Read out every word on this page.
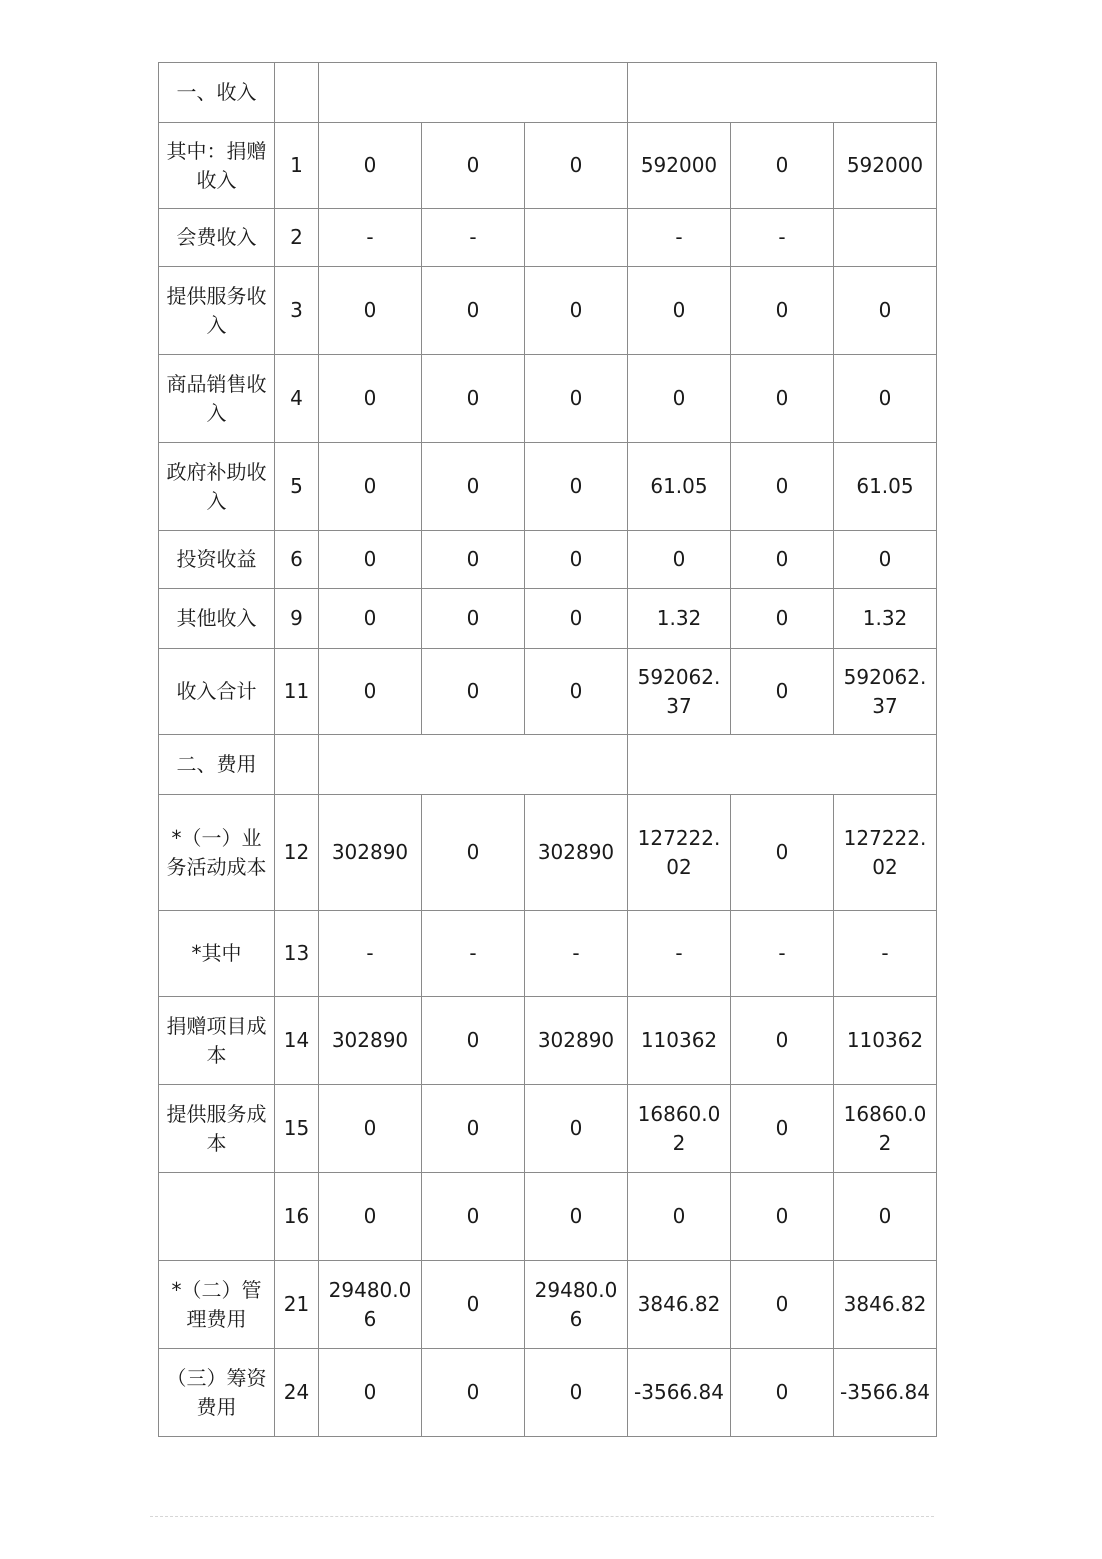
一、收入							
其中：捐赠收入	1	0	0	0	592000	0	592000
会费收入	2	-	-		-	-	
提供服务收入	3	0	0	0	0	0	0
商品销售收入	4	0	0	0	0	0	0
政府补助收入	5	0	0	0	61.05	0	61.05
投资收益	6	0	0	0	0	0	0
其他收入	9	0	0	0	1.32	0	1.32
收入合计	11	0	0	0	592062.37	0	592062.37
二、费用							
*（一）业务活动成本	12	302890	0	302890	127222.02	0	127222.02
*其中	13	-	-	-	-	-	-
捐赠项目成本	14	302890	0	302890	110362	0	110362
提供服务成本	15	0	0	0	16860.02	0	16860.02
	16	0	0	0	0	0	0
*（二）管理费用	21	29480.06	0	29480.06	3846.82	0	3846.82
（三）筹资费用	24	0	0	0	-3566.84	0	-3566.84
